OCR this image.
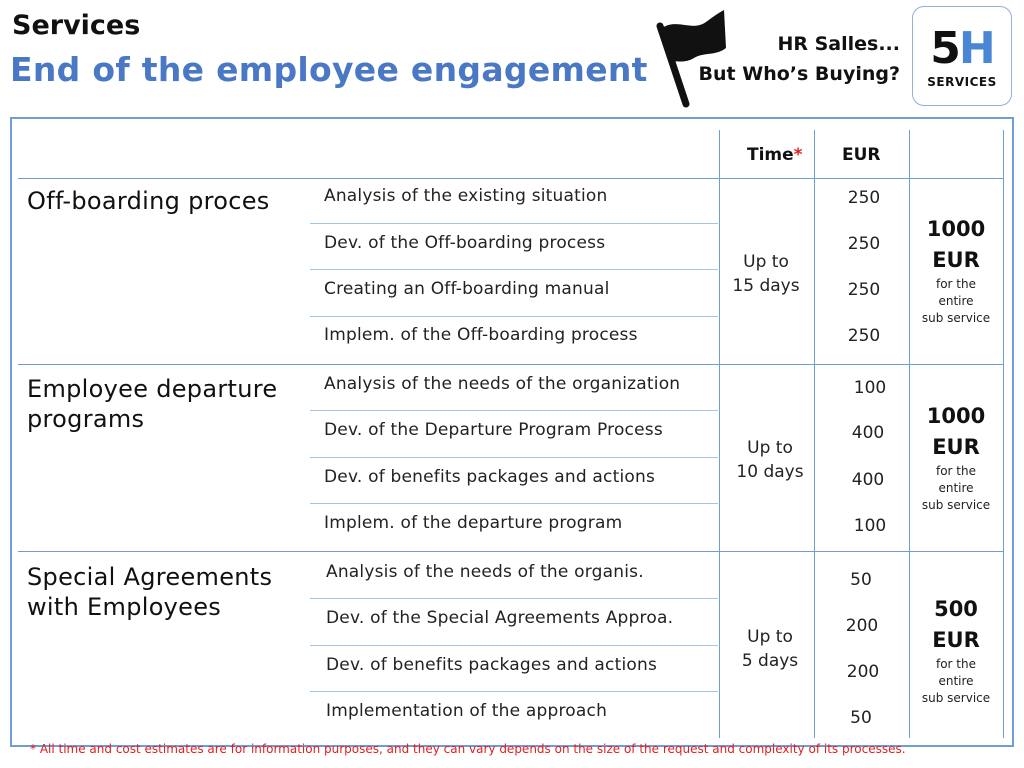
Services
End of the employee engagement
HR Salles...
But Who’s Buying? 5H
SERVICES
Time* EUR
Off-boarding proces	Analysis of the existing situation
Dev. of the Off-boarding process
Creating an Off-boarding manual
Implem. of the Off-boarding process
Up to
15 days
250
250
250
250
1000
EUR
for the
entire
sub service
Employee departure
programs
Analysis of the needs of the organization
Dev. of the Departure Program Process
Dev. of benefits packages and actions
Implem. of the departure program
Up to
10 days
100
400
400
100
1000
EUR
for the
entire
sub service
Special Agreements
with Employees
Analysis of the needs of the organis.
Dev. of the Special Agreements Approa.
Dev. of benefits packages and actions
Implementation of the approach
Up to
5 days
50
200
200
50
500
EUR
for the
entire
sub service
* All time and cost estimates are for information purposes, and they can vary depends on the size of the request and complexity of its processes.
